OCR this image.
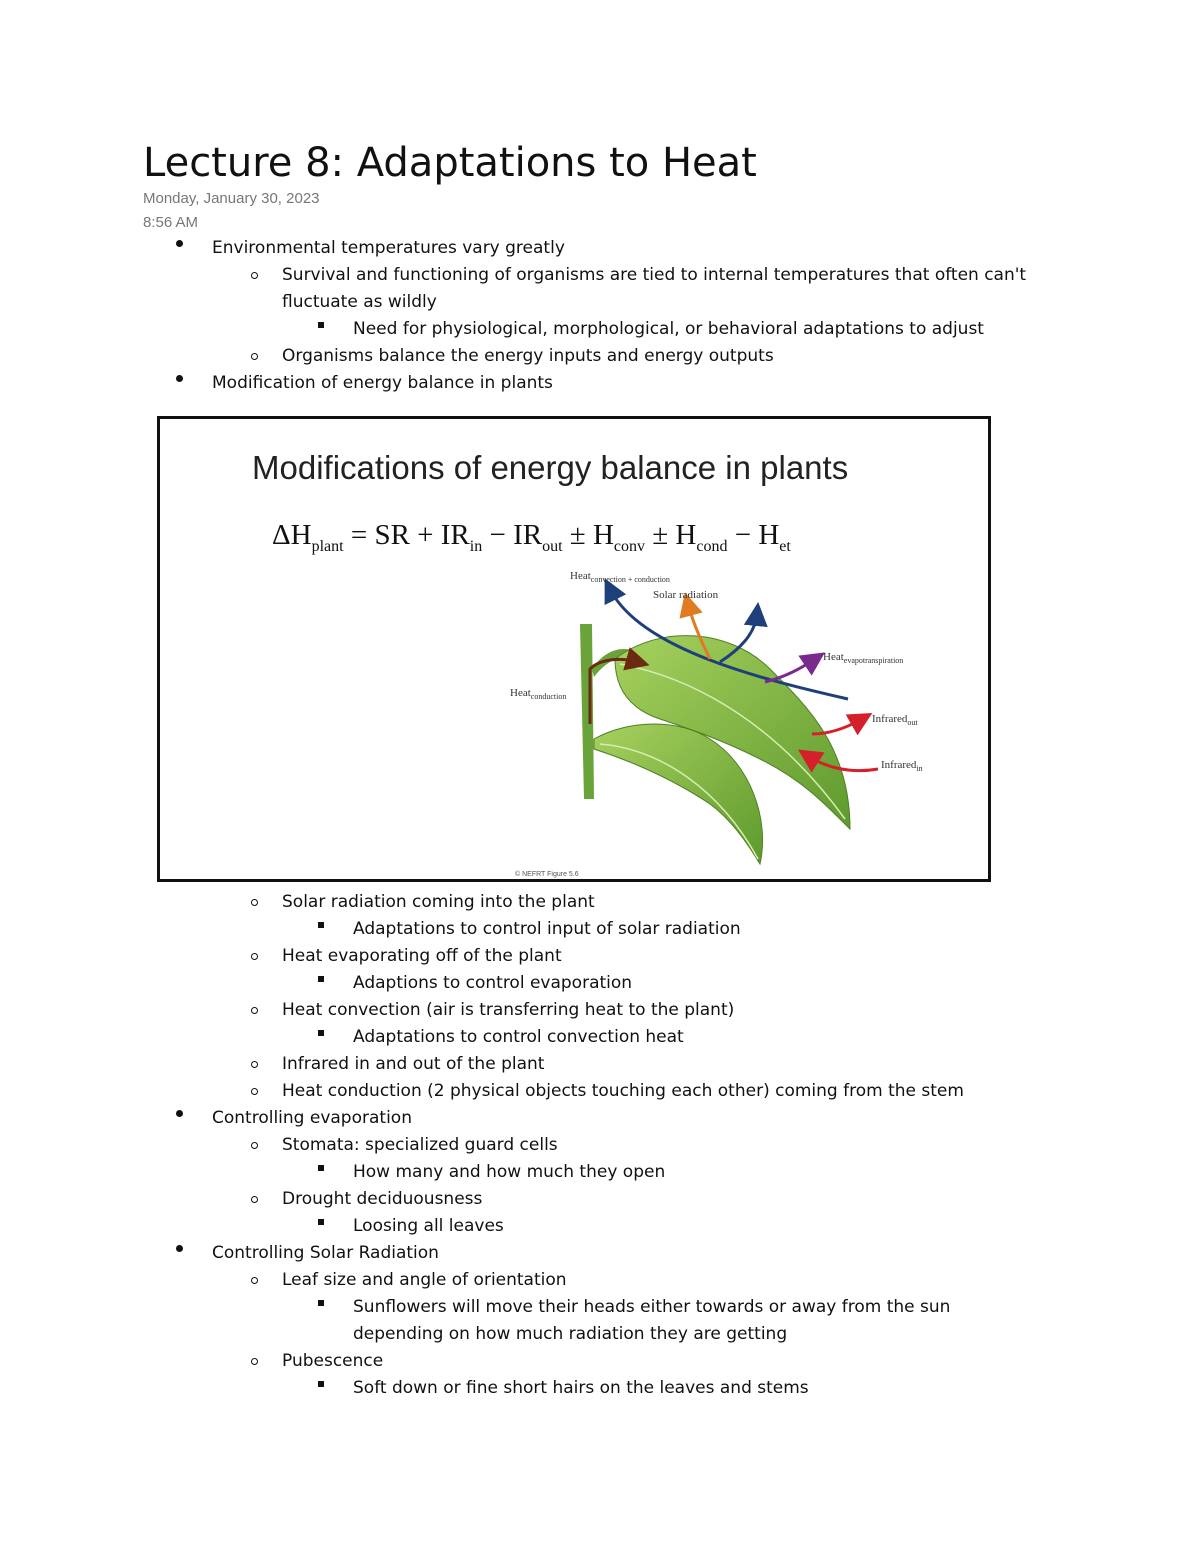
Lecture 8: Adaptations to Heat
Monday, January 30, 2023
8:56 AM
Environmental temperatures vary greatly
Survival and functioning of organisms are tied to internal temperatures that often can't
fluctuate as wildly
Need for physiological, morphological, or behavioral adaptations to adjust
Organisms balance the energy inputs and energy outputs
Modification of energy balance in plants
Modifications of energy balance in plants
$\Delta H_{plant}$ = SR + $IR_{in} - IR_{out} \pm H_{conv} \pm H_{cond} - H_{et}$
Heat$_{convection + conduction}$
Solar radiation
Heat$_{evapotranspiration}$
Heat$_{conduction}$
Infrared$_{out}$
Infrared$_{in}$
© NEFRT Figure 5.6
Solar radiation coming into the plant
Adaptations to control input of solar radiation
Heat evaporating off of the plant
Adaptions to control evaporation
Heat convection (air is transferring heat to the plant)
Adaptations to control convection heat
Infrared in and out of the plant
Heat conduction (2 physical objects touching each other) coming from the stem
Controlling evaporation
Stomata: specialized guard cells
How many and how much they open
Drought deciduousness
Loosing all leaves
Controlling Solar Radiation
Leaf size and angle of orientation
Sunflowers will move their heads either towards or away from the sun
depending on how much radiation they are getting
Pubescence
Soft down or fine short hairs on the leaves and stems
